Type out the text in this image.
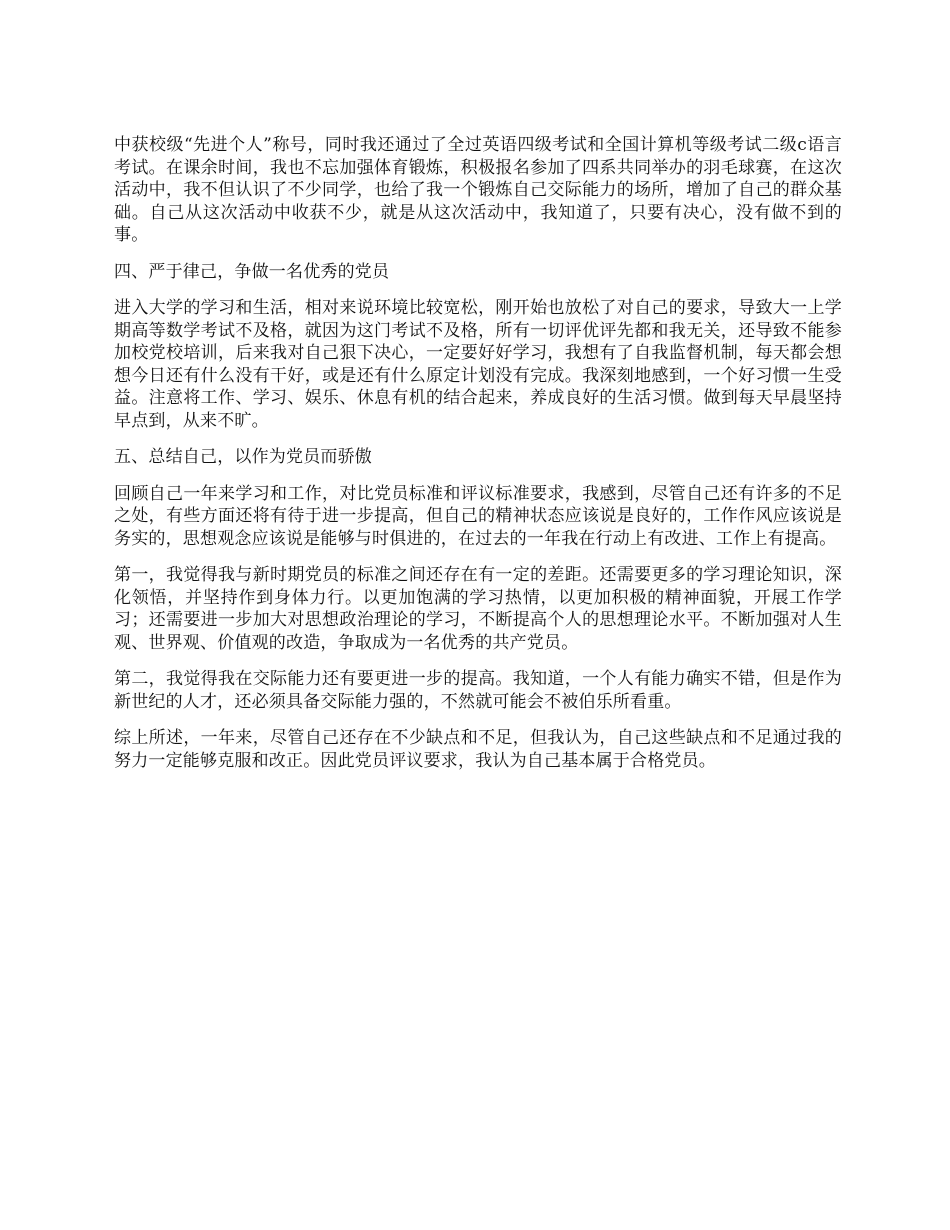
中获校级“先进个人”称号，同时我还通过了全过英语四级考试和全国计算机等级考试二级c语言考试。在课余时间，我也不忘加强体育锻炼，积极报名参加了四系共同举办的羽毛球赛，在这次活动中，我不但认识了不少同学，也给了我一个锻炼自己交际能力的场所，增加了自己的群众基础。自己从这次活动中收获不少，就是从这次活动中，我知道了，只要有决心，没有做不到的事。

四、严于律己，争做一名优秀的党员

进入大学的学习和生活，相对来说环境比较宽松，刚开始也放松了对自己的要求，导致大一上学期高等数学考试不及格，就因为这门考试不及格，所有一切评优评先都和我无关，还导致不能参加校党校培训，后来我对自己狠下决心，一定要好好学习，我想有了自我监督机制，每天都会想想今日还有什么没有干好，或是还有什么原定计划没有完成。我深刻地感到，一个好习惯一生受益。注意将工作、学习、娱乐、休息有机的结合起来，养成良好的生活习惯。做到每天早晨坚持早点到，从来不旷。

五、总结自己，以作为党员而骄傲

回顾自己一年来学习和工作，对比党员标准和评议标准要求，我感到，尽管自己还有许多的不足之处，有些方面还将有待于进一步提高，但自己的精神状态应该说是良好的，工作作风应该说是务实的，思想观念应该说是能够与时俱进的，在过去的一年我在行动上有改进、工作上有提高。

第一，我觉得我与新时期党员的标准之间还存在有一定的差距。还需要更多的学习理论知识，深化领悟，并坚持作到身体力行。以更加饱满的学习热情，以更加积极的精神面貌，开展工作学习；还需要进一步加大对思想政治理论的学习，不断提高个人的思想理论水平。不断加强对人生观、世界观、价值观的改造，争取成为一名优秀的共产党员。

第二，我觉得我在交际能力还有要更进一步的提高。我知道，一个人有能力确实不错，但是作为新世纪的人才，还必须具备交际能力强的，不然就可能会不被伯乐所看重。

综上所述，一年来，尽管自己还存在不少缺点和不足，但我认为，自己这些缺点和不足通过我的努力一定能够克服和改正。因此党员评议要求，我认为自己基本属于合格党员。
